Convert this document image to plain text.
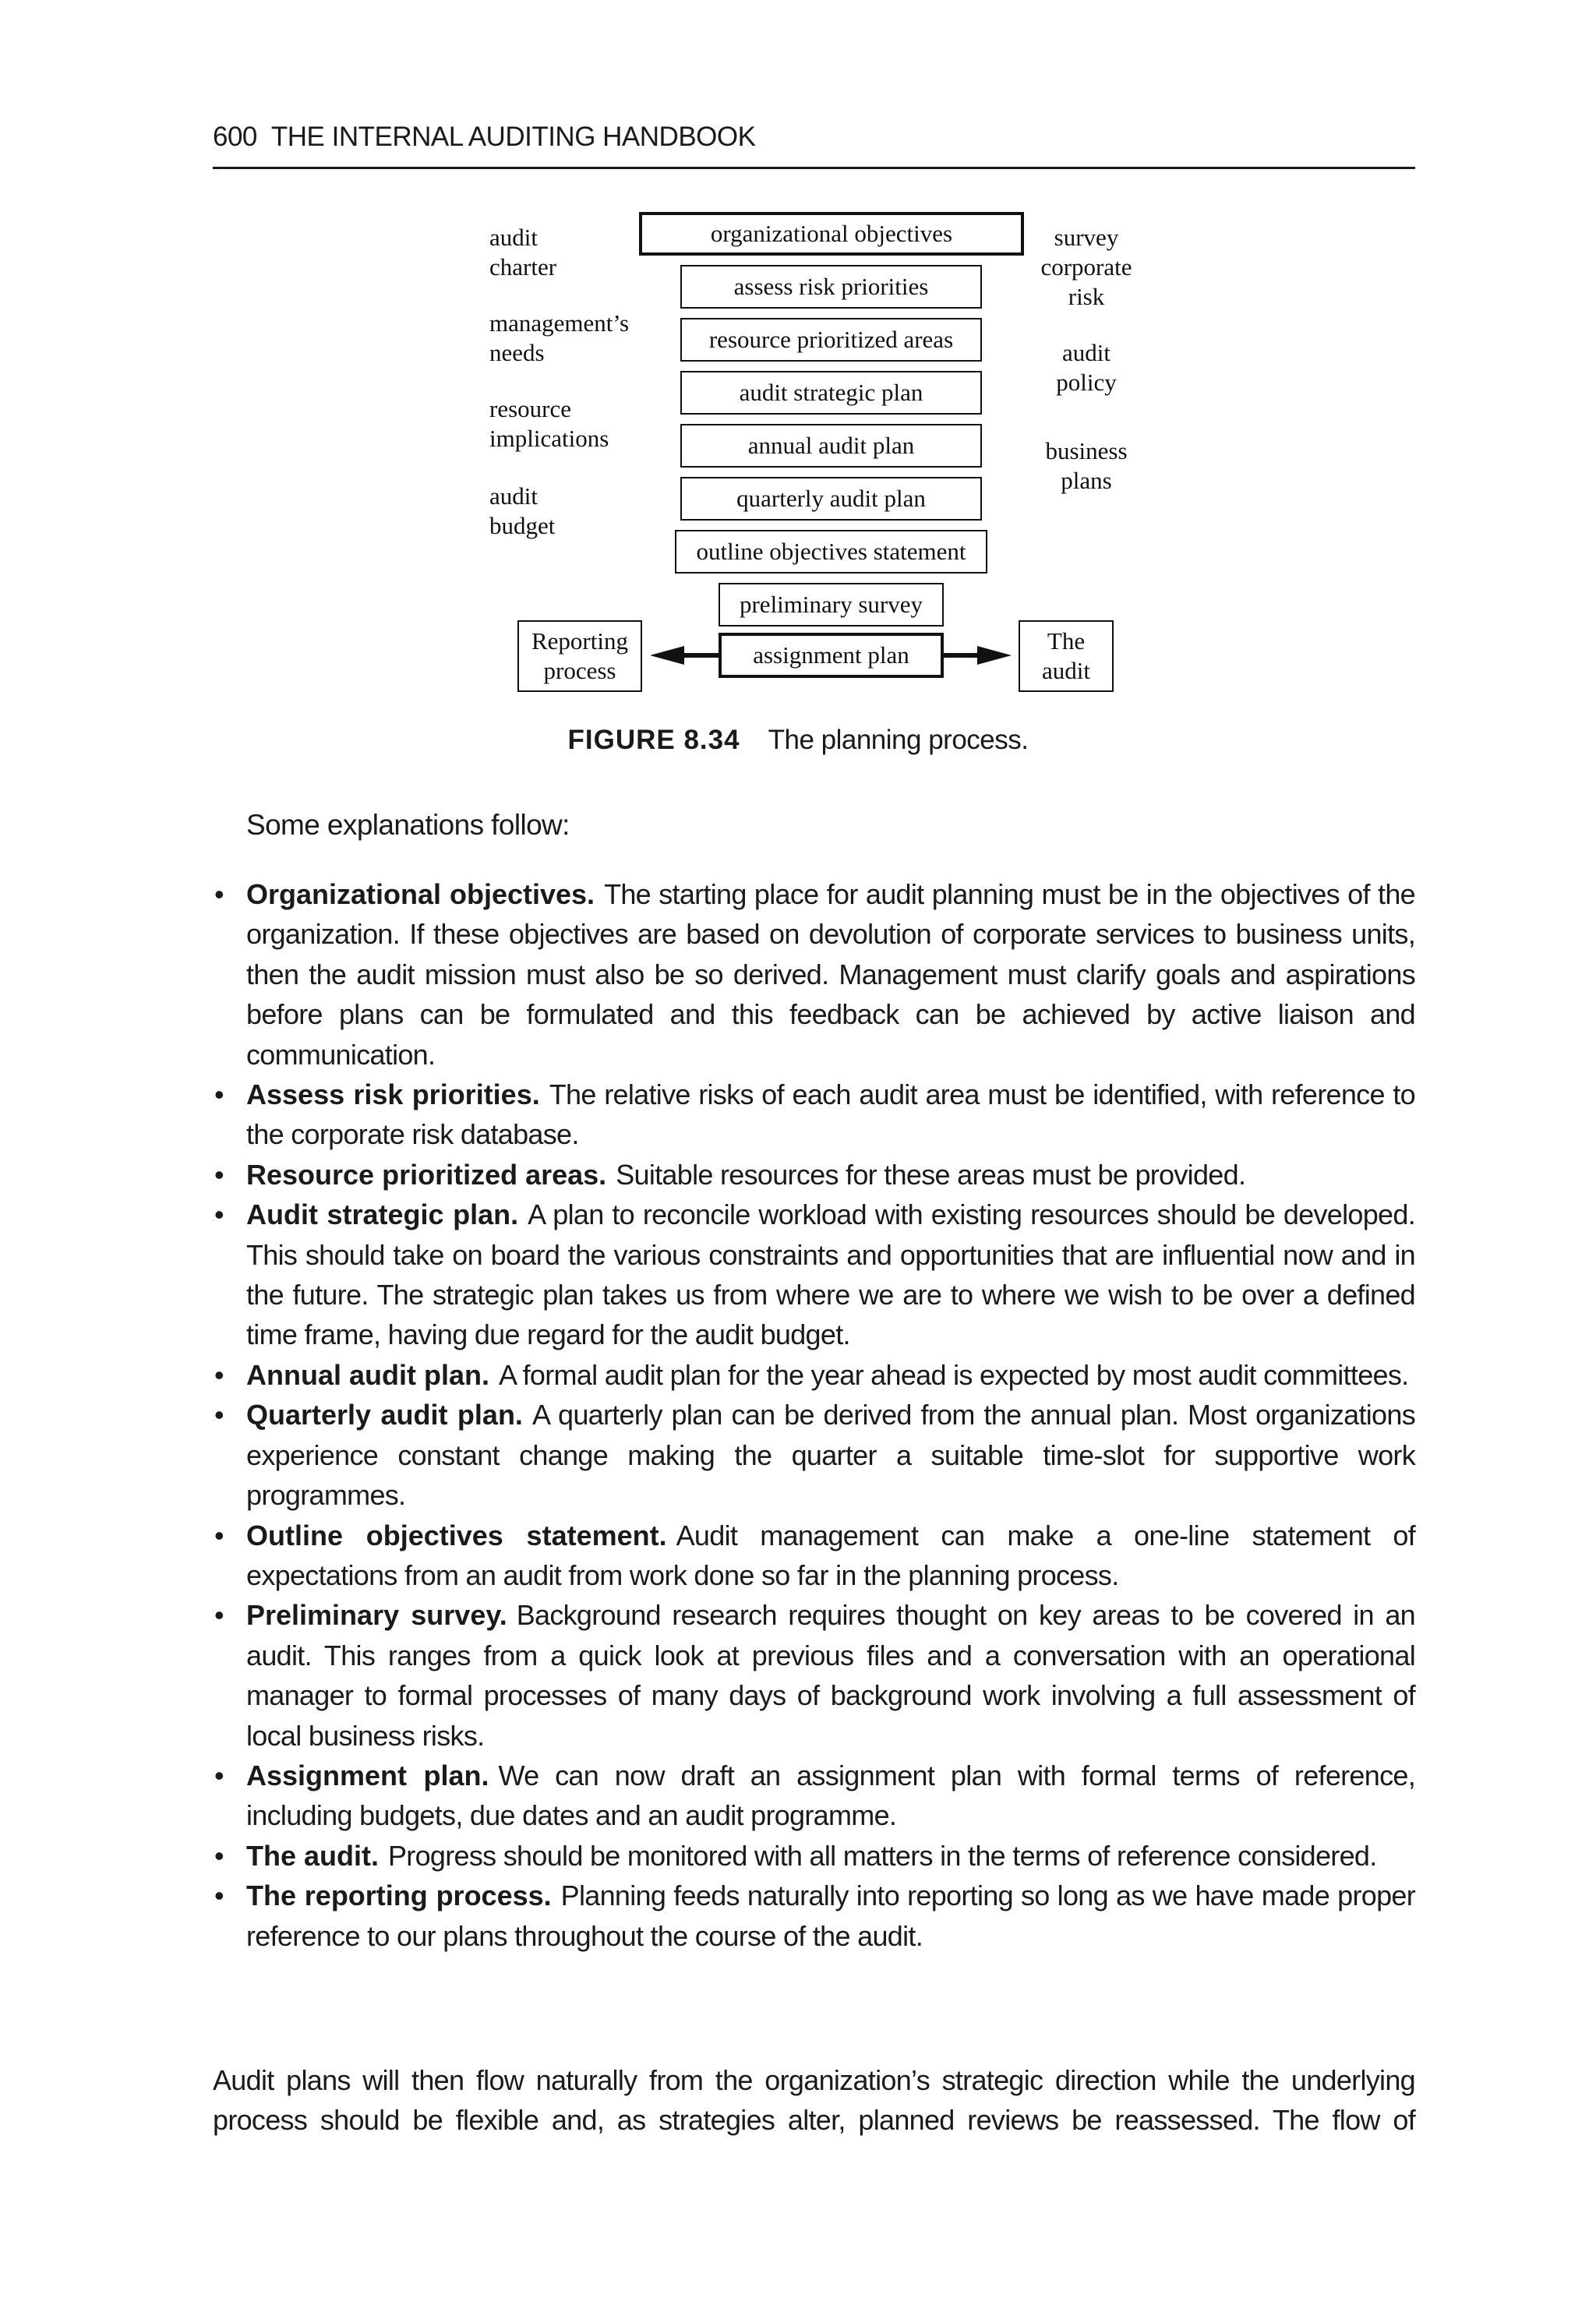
600 THE INTERNAL AUDITING HANDBOOK
audit
charter
management’s
needs
resource
implications
audit
budget
survey
corporate
risk
audit
policy
business
plans
organizational objectives
assess risk priorities
resource prioritized areas
audit strategic plan
annual audit plan
quarterly audit plan
outline objectives statement
preliminary survey
assignment plan
Reporting
process
The
audit
FIGURE 8.34 The planning process.
Some explanations follow:
• Organizational objectives. The starting place for audit planning must be in the objectives of the organization. If these objectives are based on devolution of corporate services to business units, then the audit mission must also be so derived. Management must clarify goals and aspirations before plans can be formulated and this feedback can be achieved by active liaison and communication.
• Assess risk priorities. The relative risks of each audit area must be identified, with reference to the corporate risk database.
• Resource prioritized areas. Suitable resources for these areas must be provided.
• Audit strategic plan. A plan to reconcile workload with existing resources should be developed. This should take on board the various constraints and opportunities that are influential now and in the future. The strategic plan takes us from where we are to where we wish to be over a defined time frame, having due regard for the audit budget.
• Annual audit plan. A formal audit plan for the year ahead is expected by most audit committees.
• Quarterly audit plan. A quarterly plan can be derived from the annual plan. Most organizations experience constant change making the quarter a suitable time-slot for supportive work programmes.
• Outline objectives statement. Audit management can make a one-line statement of expectations from an audit from work done so far in the planning process.
• Preliminary survey. Background research requires thought on key areas to be covered in an audit. This ranges from a quick look at previous files and a conversation with an operational manager to formal processes of many days of background work involving a full assessment of local business risks.
• Assignment plan. We can now draft an assignment plan with formal terms of reference, including budgets, due dates and an audit programme.
• The audit. Progress should be monitored with all matters in the terms of reference considered.
• The reporting process. Planning feeds naturally into reporting so long as we have made proper reference to our plans throughout the course of the audit.
Audit plans will then flow naturally from the organization’s strategic direction while the underlying process should be flexible and, as strategies alter, planned reviews be reassessed. The flow of
